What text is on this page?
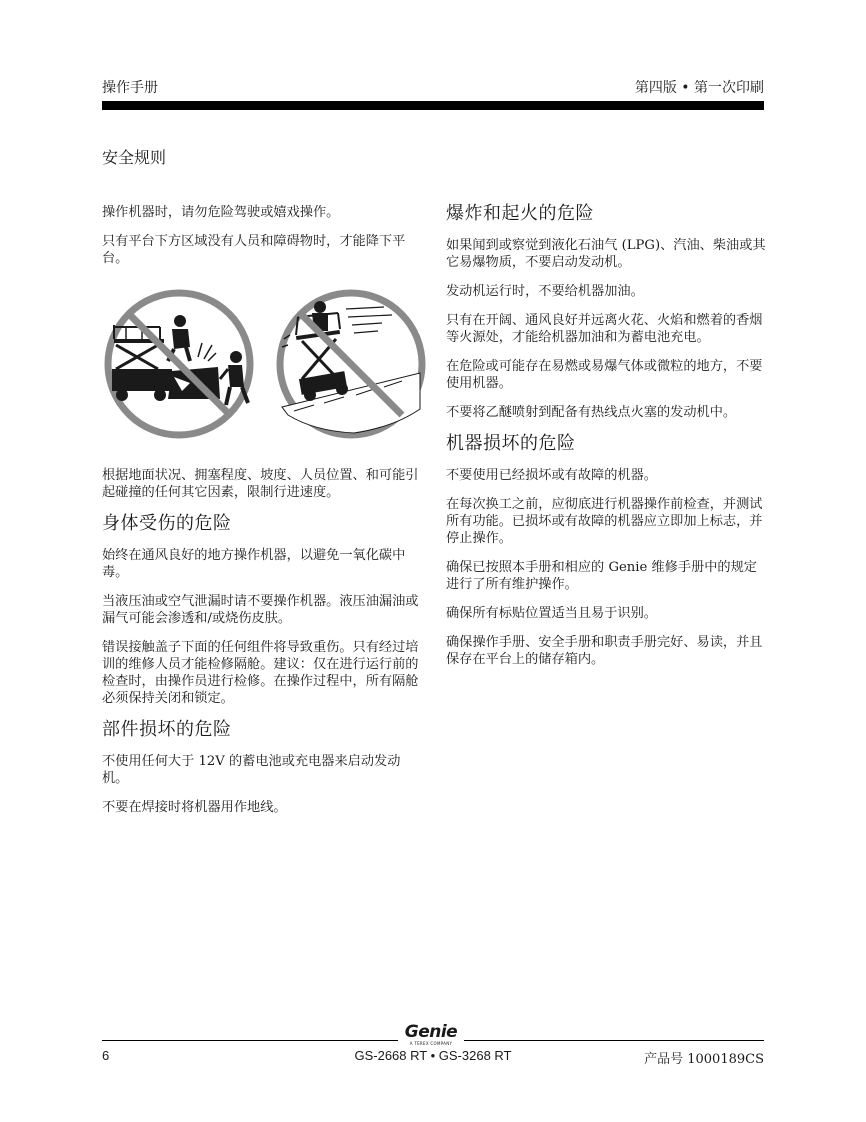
操作手册	第四版 • 第一次印刷
安全规则

操作机器时，请勿危险驾驶或嬉戏操作。

只有平台下方区域没有人员和障碍物时，才能降下平台。

根据地面状况、拥塞程度、坡度、人员位置、和可能引起碰撞的任何其它因素，限制行进速度。

身体受伤的危险

始终在通风良好的地方操作机器，以避免一氧化碳中毒。

当液压油或空气泄漏时请不要操作机器。液压油漏油或漏气可能会渗透和/或烧伤皮肤。

错误接触盖子下面的任何组件将导致重伤。只有经过培训的维修人员才能检修隔舱。建议：仅在进行运行前的检查时，由操作员进行检修。在操作过程中，所有隔舱必须保持关闭和锁定。

部件损坏的危险

不使用任何大于 12V 的蓄电池或充电器来启动发动机。

不要在焊接时将机器用作地线。

爆炸和起火的危险

如果闻到或察觉到液化石油气 (LPG)、汽油、柴油或其它易爆物质，不要启动发动机。

发动机运行时，不要给机器加油。

只有在开阔、通风良好并远离火花、火焰和燃着的香烟等火源处，才能给机器加油和为蓄电池充电。

在危险或可能存在易燃或易爆气体或微粒的地方，不要使用机器。

不要将乙醚喷射到配备有热线点火塞的发动机中。

机器损坏的危险

不要使用已经损坏或有故障的机器。

在每次换工之前，应彻底进行机器操作前检查，并测试所有功能。已损坏或有故障的机器应立即加上标志，并停止操作。

确保已按照本手册和相应的 Genie 维修手册中的规定进行了所有维护操作。

确保所有标贴位置适当且易于识别。

确保操作手册、安全手册和职责手册完好、易读，并且保存在平台上的储存箱内。

Genie
A TEREX COMPANY
6	GS-2668 RT • GS-3268 RT	产品号 1000189CS
